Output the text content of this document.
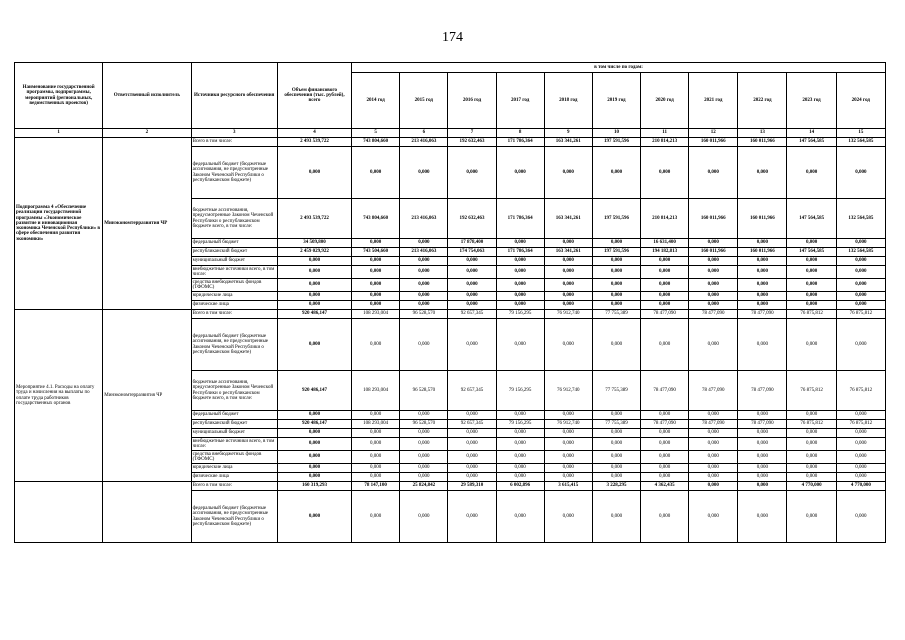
174
Наименование государственной программы, подпрограммы, мероприятий (региональных, ведомственных проектов)	Ответственный исполнитель	Источники ресурсного обеспечения	Объем финансового обеспечения (тыс. рублей), всего	в том числе по годам:										
				2014 год	2015 год	2016 год	2017 год	2018 год	2019 год	2020 год	2021 год	2022 год	2023 год	2024 год
1	2	3	4	5	6	7	8	9	10	11	12	13	14	15
Подпрограмма 4 «Обеспечение реализации государственной программы «Экономическое развитие и инновационная экономика Чеченской Республики» в сфере обеспечения развития экономики»	Минэкономтерразвития ЧР	Всего в том числе:	2 493 539,722	743 804,660	213 416,063	192 632,463	171 786,364	163 341,261	197 591,596	210 814,213	160 011,966	160 011,966	147 564,585	132 564,585
		федеральный бюджет (бюджетные ассигнования, не предусмотренные Законом Чеченской Республики о республиканском бюджете)	0,000	0,000	0,000	0,000	0,000	0,000	0,000	0,000	0,000	0,000	0,000	0,000
		бюджетные ассигнования, предусмотренные Законом Чеченской Республики о республиканском бюджете всего, в том числе:	2 493 539,722	743 804,660	213 416,063	192 632,463	171 786,364	163 341,261	197 591,596	210 814,213	160 011,966	160 011,966	147 564,585	132 564,585
		федеральный бюджет	34 509,800	0,000	0,000	17 878,400	0,000	0,000	0,000	16 631,400	0,000	0,000	0,000	0,000
		республиканский бюджет	2 459 029,922	743 504,660	213 416,063	174 754,063	171 786,364	163 341,261	197 591,596	194 182,813	160 011,966	160 011,966	147 564,585	132 564,585
		муниципальный бюджет	0,000	0,000	0,000	0,000	0,000	0,000	0,000	0,000	0,000	0,000	0,000	0,000
		внебюджетные источники всего, в том числе:	0,000	0,000	0,000	0,000	0,000	0,000	0,000	0,000	0,000	0,000	0,000	0,000
		средства внебюджетных фондов (ТФОМС)	0,000	0,000	0,000	0,000	0,000	0,000	0,000	0,000	0,000	0,000	0,000	0,000
		юридические лица	0,000	0,000	0,000	0,000	0,000	0,000	0,000	0,000	0,000	0,000	0,000	0,000
		физические лица	0,000	0,000	0,000	0,000	0,000	0,000	0,000	0,000	0,000	0,000	0,000	0,000
Мероприятие 4.1. Расходы на оплату труда и начисления на выплаты по оплате труда работников государственных органов	Минэкономтерразвития ЧР	Всего в том числе:	920 486,147	108 293,004	96 528,570	92 657,345	79 156,295	76 912,740	77 755,389	78 477,090	78 477,090	78 477,090	76 875,812	76 875,812
		федеральный бюджет (бюджетные ассигнования, не предусмотренные Законом Чеченской Республики о республиканском бюджете)	0,000	0,000	0,000	0,000	0,000	0,000	0,000	0,000	0,000	0,000	0,000	0,000
		бюджетные ассигнования, предусмотренные Законом Чеченской Республики о республиканском бюджете всего, в том числе:	920 486,147	108 293,004	96 528,570	92 657,345	79 156,295	76 912,740	77 755,389	78 477,090	78 477,090	78 477,090	76 875,812	76 875,812
		федеральный бюджет	0,000	0,000	0,000	0,000	0,000	0,000	0,000	0,000	0,000	0,000	0,000	0,000
		республиканский бюджет	920 486,147	108 293,004	96 528,570	92 657,345	79 156,295	76 912,740	77 755,389	78 477,090	78 477,090	78 477,090	76 875,812	76 875,812
		муниципальный бюджет	0,000	0,000	0,000	0,000	0,000	0,000	0,000	0,000	0,000	0,000	0,000	0,000
		внебюджетные источники всего, в том числе:	0,000	0,000	0,000	0,000	0,000	0,000	0,000	0,000	0,000	0,000	0,000	0,000
		средства внебюджетных фондов (ТФОМС)	0,000	0,000	0,000	0,000	0,000	0,000	0,000	0,000	0,000	0,000	0,000	0,000
		юридические лица	0,000	0,000	0,000	0,000	0,000	0,000	0,000	0,000	0,000	0,000	0,000	0,000
		физические лица	0,000	0,000	0,000	0,000	0,000	0,000	0,000	0,000	0,000	0,000	0,000	0,000
		Всего в том числе:	160 319,293	78 147,100	25 824,842	29 589,310	6 002,896	3 615,415	3 228,295	4 362,435	0,000	0,000	4 770,000	4 770,000
		федеральный бюджет (бюджетные ассигнования, не предусмотренные Законом Чеченской Республики о республиканском бюджете)	0,000	0,000	0,000	0,000	0,000	0,000	0,000	0,000	0,000	0,000	0,000	0,000
